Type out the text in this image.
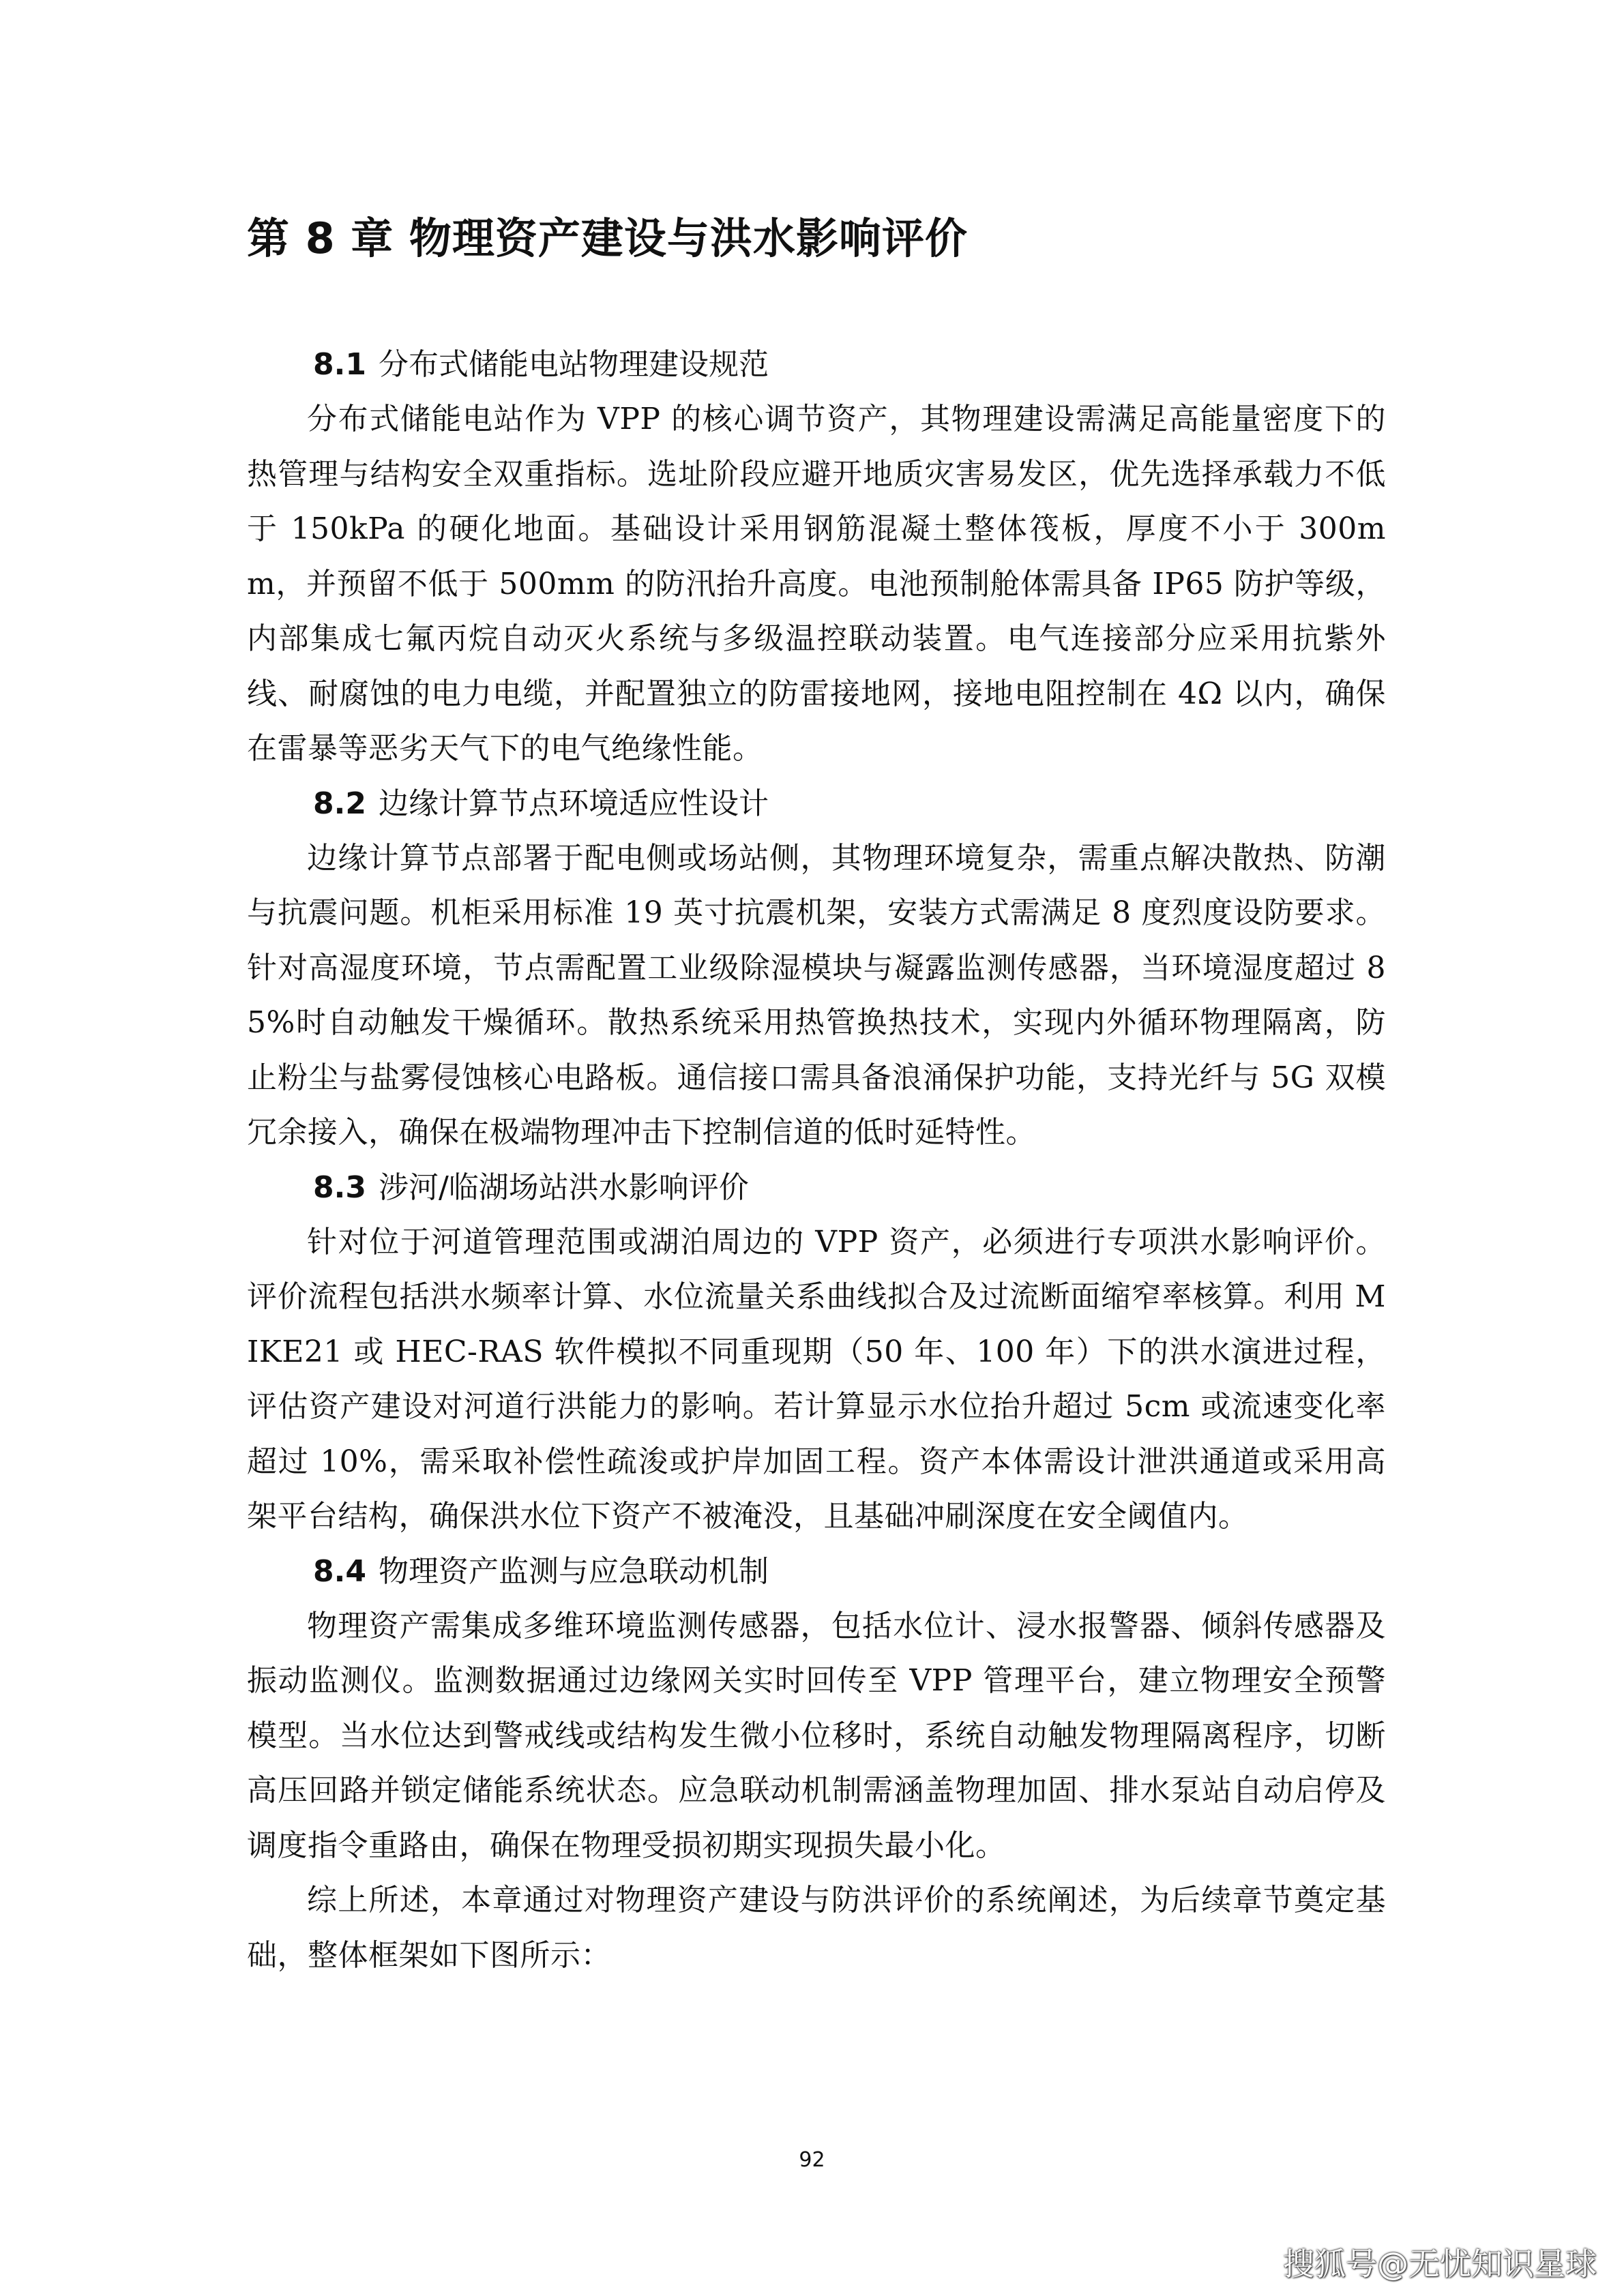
第 8 章 物理资产建设与洪水影响评价
8.1 分布式储能电站物理建设规范

分布式储能电站作为 VPP 的核心调节资产，其物理建设需满足高能量密度下的热管理与结构安全双重指标。选址阶段应避开地质灾害易发区，优先选择承载力不低于 150kPa 的硬化地面。基础设计采用钢筋混凝土整体筏板，厚度不小于 300mm，并预留不低于 500mm 的防汛抬升高度。电池预制舱体需具备 IP65 防护等级，内部集成七氟丙烷自动灭火系统与多级温控联动装置。电气连接部分应采用抗紫外线、耐腐蚀的电力电缆，并配置独立的防雷接地网，接地电阻控制在 4Ω 以内，确保在雷暴等恶劣天气下的电气绝缘性能。

8.2 边缘计算节点环境适应性设计

边缘计算节点部署于配电侧或场站侧，其物理环境复杂，需重点解决散热、防潮与抗震问题。机柜采用标准 19 英寸抗震机架，安装方式需满足 8 度烈度设防要求。针对高湿度环境，节点需配置工业级除湿模块与凝露监测传感器，当环境湿度超过 85%时自动触发干燥循环。散热系统采用热管换热技术，实现内外循环物理隔离，防止粉尘与盐雾侵蚀核心电路板。通信接口需具备浪涌保护功能，支持光纤与 5G 双模冗余接入，确保在极端物理冲击下控制信道的低时延特性。

8.3 涉河/临湖场站洪水影响评价

针对位于河道管理范围或湖泊周边的 VPP 资产，必须进行专项洪水影响评价。评价流程包括洪水频率计算、水位流量关系曲线拟合及过流断面缩窄率核算。利用 MIKE21 或 HEC-RAS 软件模拟不同重现期（50 年、100 年）下的洪水演进过程，评估资产建设对河道行洪能力的影响。若计算显示水位抬升超过 5cm 或流速变化率超过 10%，需采取补偿性疏浚或护岸加固工程。资产本体需设计泄洪通道或采用高架平台结构，确保洪水位下资产不被淹没，且基础冲刷深度在安全阈值内。

8.4 物理资产监测与应急联动机制

物理资产需集成多维环境监测传感器，包括水位计、浸水报警器、倾斜传感器及振动监测仪。监测数据通过边缘网关实时回传至 VPP 管理平台，建立物理安全预警模型。当水位达到警戒线或结构发生微小位移时，系统自动触发物理隔离程序，切断高压回路并锁定储能系统状态。应急联动机制需涵盖物理加固、排水泵站自动启停及调度指令重路由，确保在物理受损初期实现损失最小化。

综上所述，本章通过对物理资产建设与防洪评价的系统阐述，为后续章节奠定基础，整体框架如下图所示：

92
搜狐号@无忧知识星球
